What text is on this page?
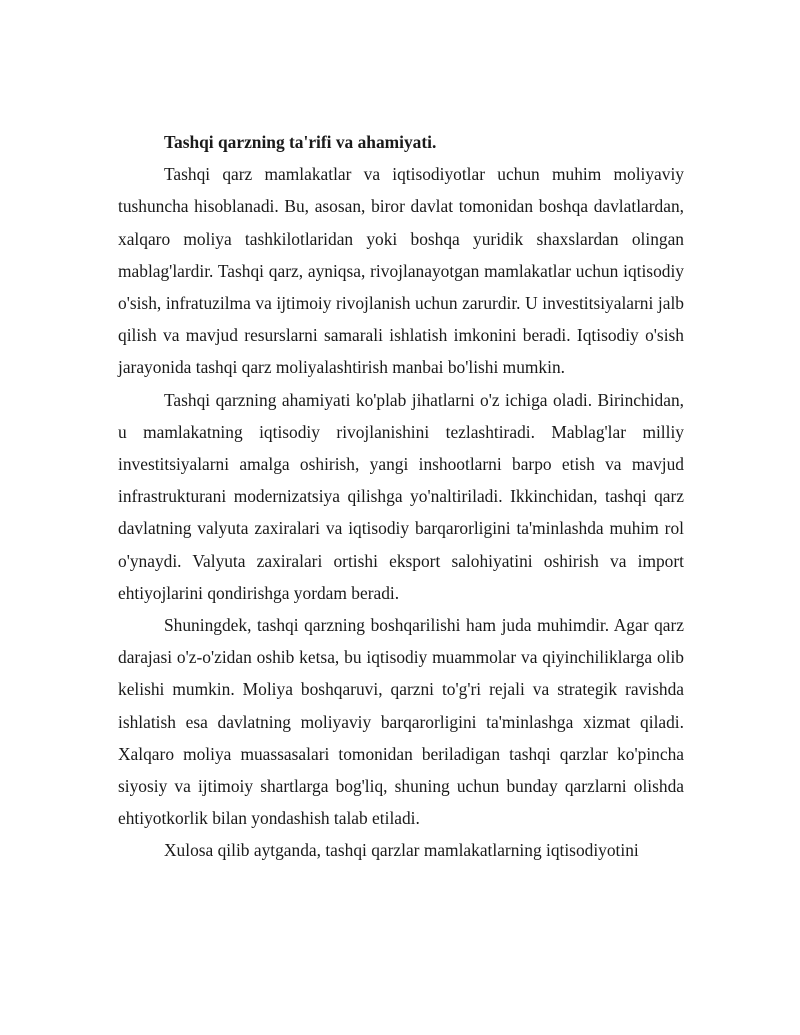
Tashqi qarzning ta'rifi va ahamiyati.

Tashqi qarz mamlakatlar va iqtisodiyotlar uchun muhim moliyaviy tushuncha hisoblanadi. Bu, asosan, biror davlat tomonidan boshqa davlatlardan, xalqaro moliya tashkilotlaridan yoki boshqa yuridik shaxslardan olingan mablag'lardir. Tashqi qarz, ayniqsa, rivojlanayotgan mamlakatlar uchun iqtisodiy o'sish, infratuzilma va ijtimoiy rivojlanish uchun zarurdir. U investitsiyalarni jalb qilish va mavjud resurslarni samarali ishlatish imkonini beradi. Iqtisodiy o'sish jarayonida tashqi qarz moliyalashtirish manbai bo'lishi mumkin.

Tashqi qarzning ahamiyati ko'plab jihatlarni o'z ichiga oladi. Birinchidan, u mamlakatning iqtisodiy rivojlanishini tezlashtiradi. Mablag'lar milliy investitsiyalarni amalga oshirish, yangi inshootlarni barpo etish va mavjud infrastrukturani modernizatsiya qilishga yo'naltiriladi. Ikkinchidan, tashqi qarz davlatning valyuta zaxiralari va iqtisodiy barqarorligini ta'minlashda muhim rol o'ynaydi. Valyuta zaxiralari ortishi eksport salohiyatini oshirish va import ehtiyojlarini qondirishga yordam beradi.

Shuningdek, tashqi qarzning boshqarilishi ham juda muhimdir. Agar qarz darajasi o'z-o'zidan oshib ketsa, bu iqtisodiy muammolar va qiyinchiliklarga olib kelishi mumkin. Moliya boshqaruvi, qarzni to'g'ri rejali va strategik ravishda ishlatish esa davlatning moliyaviy barqarorligini ta'minlashga xizmat qiladi. Xalqaro moliya muassasalari tomonidan beriladigan tashqi qarzlar ko'pincha siyosiy va ijtimoiy shartlarga bog'liq, shuning uchun bunday qarzlarni olishda ehtiyotkorlik bilan yondashish talab etiladi.

Xulosa qilib aytganda, tashqi qarzlar mamlakatlarning iqtisodiyotini
